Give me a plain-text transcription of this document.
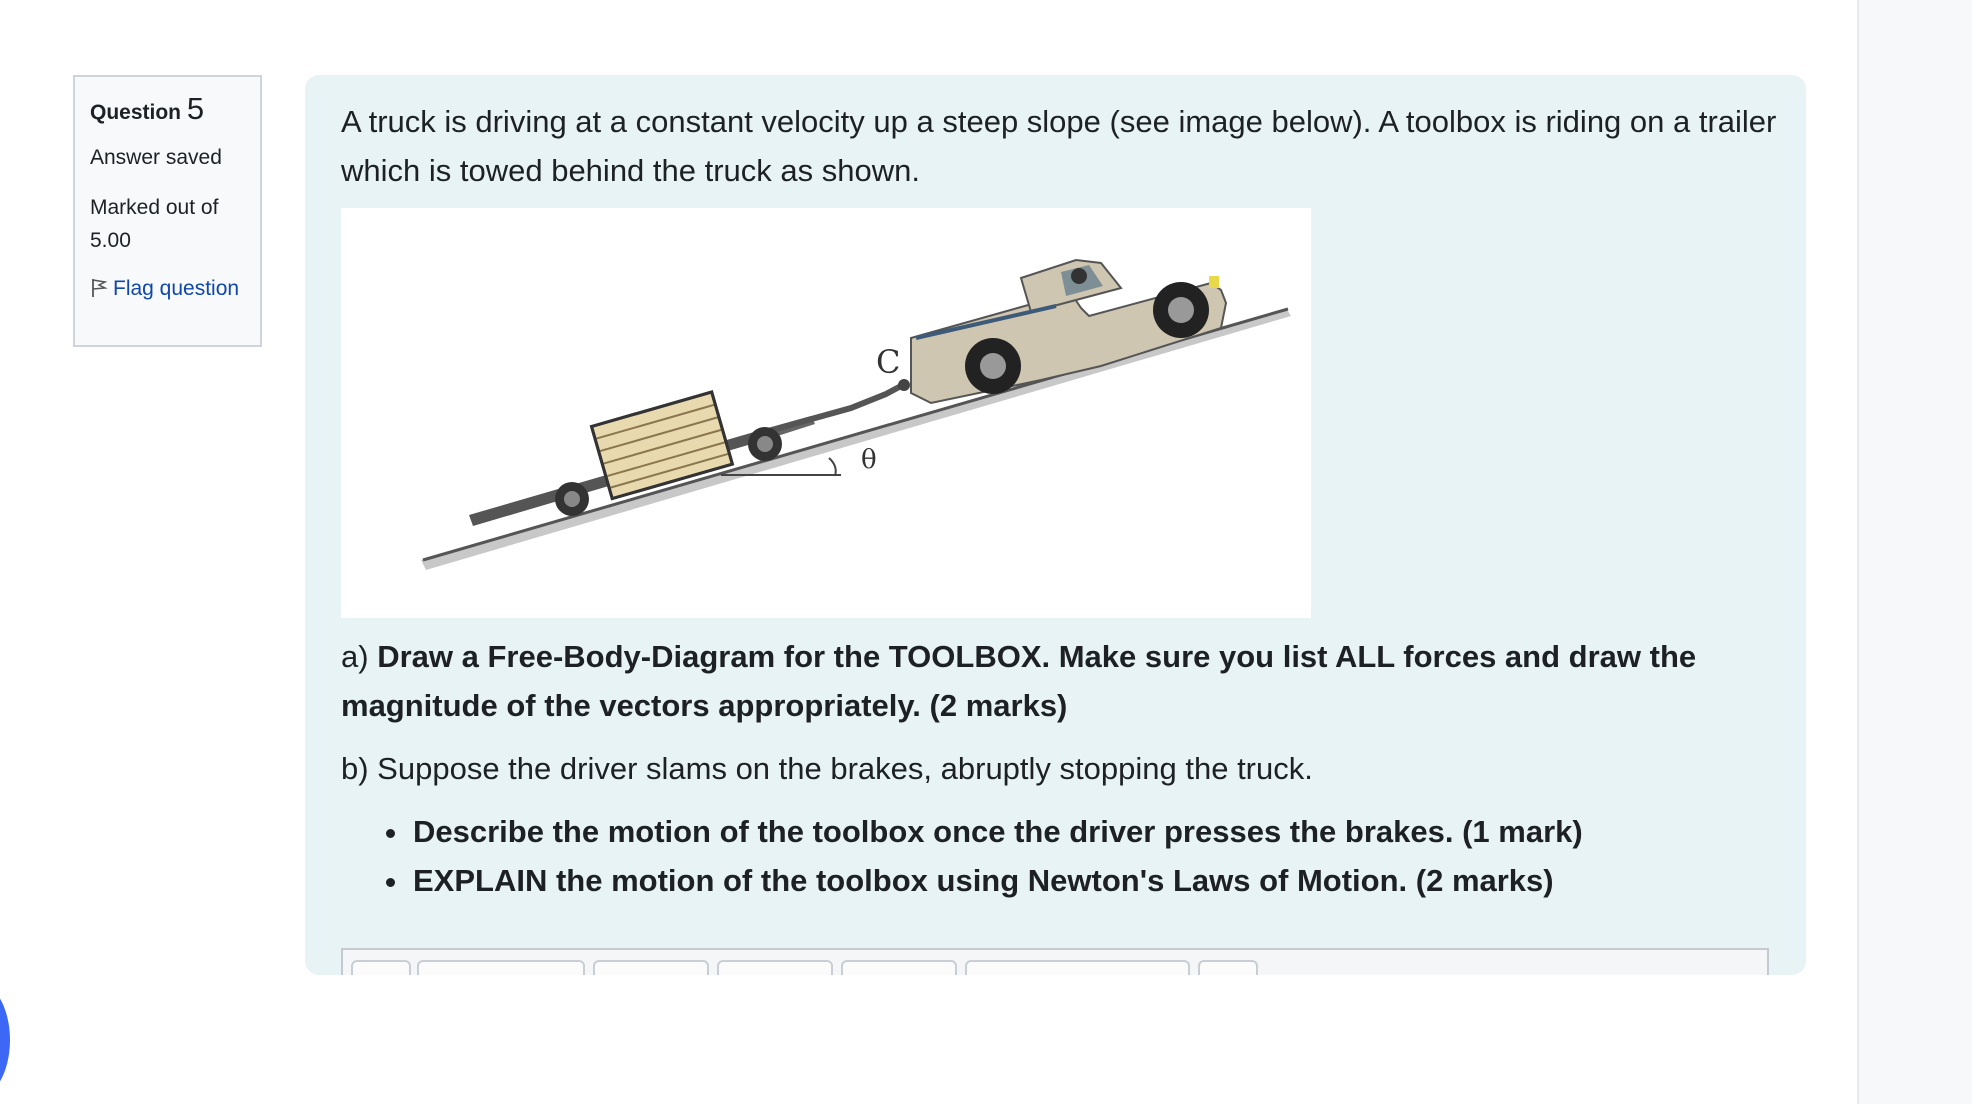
Question 5
Answer saved
Marked out of 5.00
Flag question

A truck is driving at a constant velocity up a steep slope (see image below). A toolbox is riding on a trailer which is towed behind the truck as shown.

θ
C

a) Draw a Free-Body-Diagram for the TOOLBOX. Make sure you list ALL forces and draw the magnitude of the vectors appropriately. (2 marks)

b) Suppose the driver slams on the brakes, abruptly stopping the truck.

• Describe the motion of the toolbox once the driver presses the brakes. (1 mark)
• EXPLAIN the motion of the toolbox using Newton's Laws of Motion. (2 marks)
